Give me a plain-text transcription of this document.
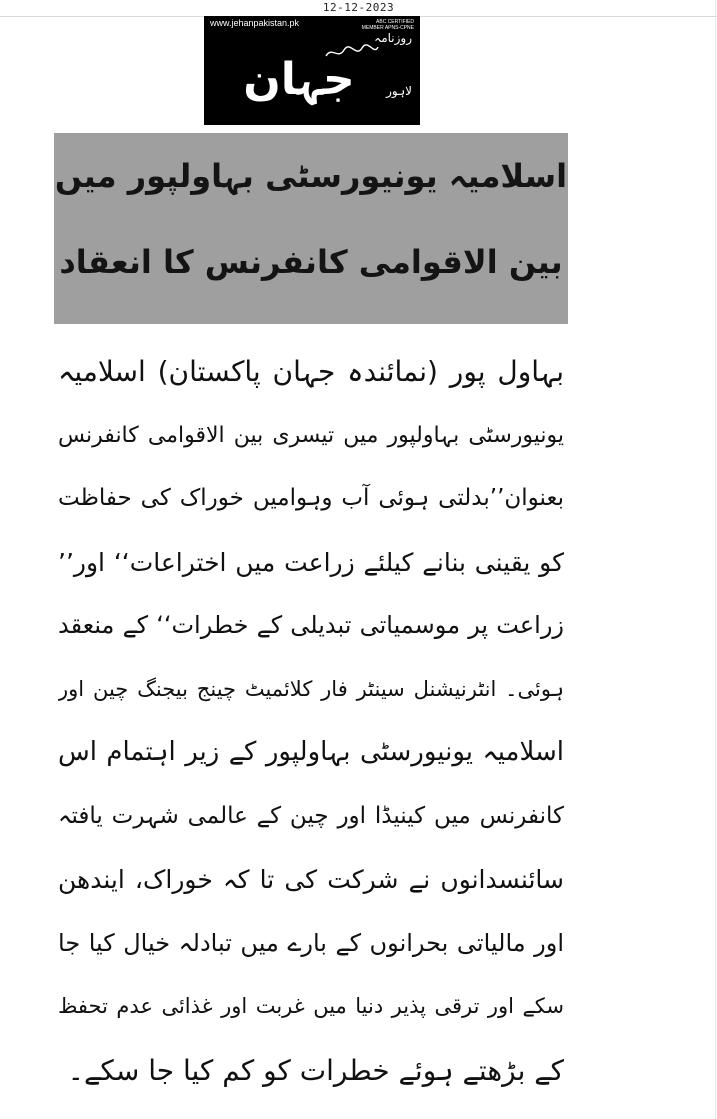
12-12-2023
www.jehanpakistan.pk	ABC CERTIFIED
MEMBER APNS-CPNE
روزنامہ
جہان	لاہور
اسلامیہ یونیورسٹی بہاولپور میں
بین الاقوامی کانفرنس کا انعقاد
بہاول پور (نمائندہ جہان پاکستان) اسلامیہ
یونیورسٹی بہاولپور میں تیسری بین الاقوامی کانفرنس
بعنوان’’بدلتی ہوئی آب وہوامیں خوراک کی حفاظت
کو یقینی بنانے کیلئے زراعت میں اختراعات‘‘ اور’’
زراعت پر موسمیاتی تبدیلی کے خطرات‘‘ کے منعقد
ہوئی۔ انٹرنیشنل سینٹر فار کلائمیٹ چینج بیجنگ چین اور
اسلامیہ یونیورسٹی بہاولپور کے زیر اہتمام اس
کانفرنس میں کینیڈا اور چین کے عالمی شہرت یافتہ
سائنسدانوں نے شرکت کی تا کہ خوراک، ایندھن
اور مالیاتی بحرانوں کے بارے میں تبادلہ خیال کیا جا
سکے اور ترقی پذیر دنیا میں غربت اور غذائی عدم تحفظ
کے بڑھتے ہوئے خطرات کو کم کیا جا سکے۔
